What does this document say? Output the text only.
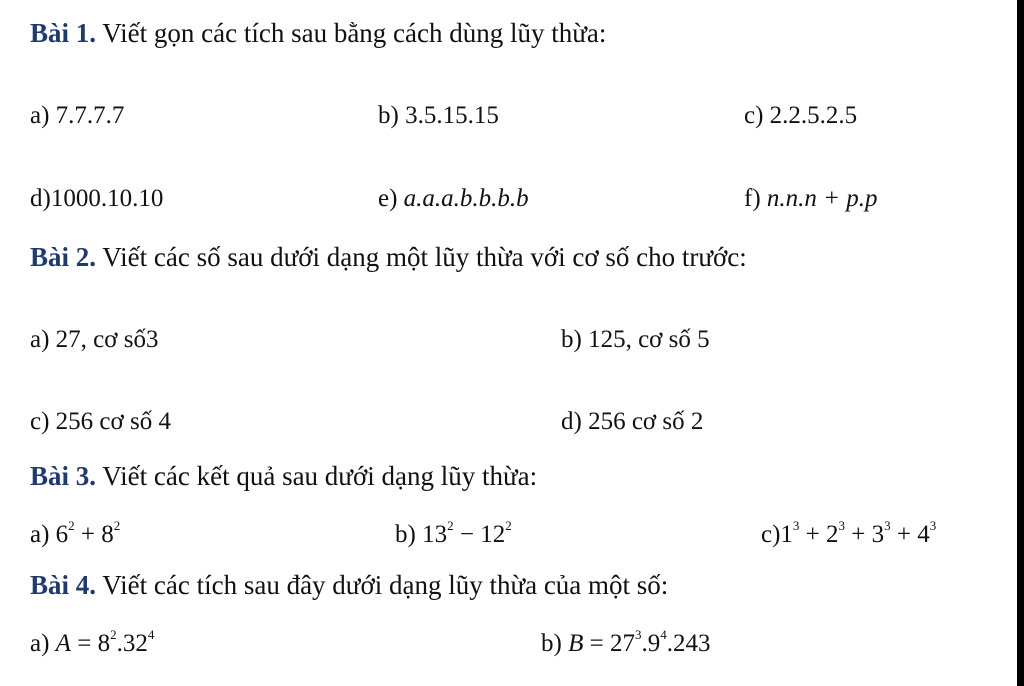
Bài 1. Viết gọn các tích sau bằng cách dùng lũy thừa:
a) 7.7.7.7	b) 3.5.15.15	c) 2.2.5.2.5
d)1000.10.10	e) a.a.a.b.b.b.b	f) n.n.n + p.p
Bài 2. Viết các số sau dưới dạng một lũy thừa với cơ số cho trước:
a) 27, cơ số3	b) 125, cơ số 5
c) 256 cơ số 4	d) 256 cơ số 2
Bài 3. Viết các kết quả sau dưới dạng lũy thừa:
a) $6^2 + 8^2$	b) $13^2 - 12^2$	$c)1^3 + 2^3 + 3^3 + 4^3$
Bài 4. Viết các tích sau đây dưới dạng lũy thừa của một số:
a) $A = 8^2.32^4$	b) $B = 27^3.9^4.243$
